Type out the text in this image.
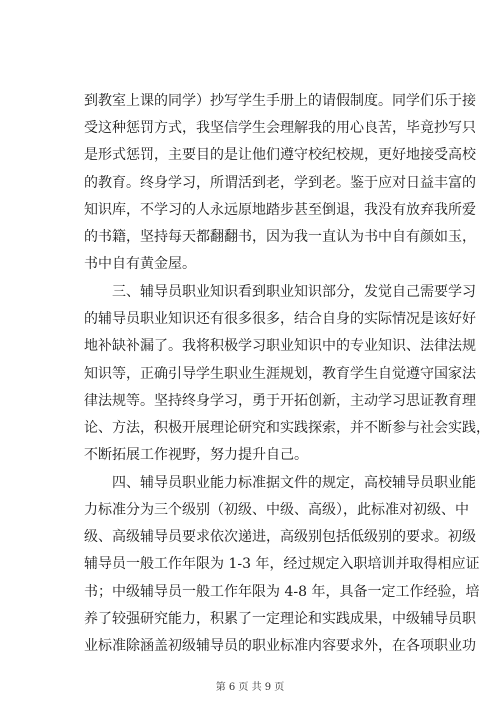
到教室上课的同学）抄写学生手册上的请假制度。同学们乐于接
受这种惩罚方式，我坚信学生会理解我的用心良苦，毕竟抄写只
是形式惩罚，主要目的是让他们遵守校纪校规，更好地接受高校
的教育。终身学习，所谓活到老，学到老。鉴于应对日益丰富的
知识库，不学习的人永远原地踏步甚至倒退，我没有放弃我所爱
的书籍，坚持每天都翻翻书，因为我一直认为书中自有颜如玉，
书中自有黄金屋。
三、辅导员职业知识看到职业知识部分，发觉自己需要学习
的辅导员职业知识还有很多很多，结合自身的实际情况是该好好
地补缺补漏了。我将积极学习职业知识中的专业知识、法律法规
知识等，正确引导学生职业生涯规划，教育学生自觉遵守国家法
律法规等。坚持终身学习，勇于开拓创新，主动学习思证教育理
论、方法，积极开展理论研究和实践探索，并不断参与社会实践，
不断拓展工作视野，努力提升自己。
四、辅导员职业能力标准据文件的规定，高校辅导员职业能
力标准分为三个级别（初级、中级、高级），此标准对初级、中
级、高级辅导员要求依次递进，高级别包括低级别的要求。初级
辅导员一般工作年限为 1-3 年，经过规定入职培训并取得相应证
书；中级辅导员一般工作年限为 4-8 年，具备一定工作经验，培
养了较强研究能力，积累了一定理论和实践成果，中级辅导员职
业标准除涵盖初级辅导员的职业标准内容要求外，在各项职业功
第 6 页 共 9 页
